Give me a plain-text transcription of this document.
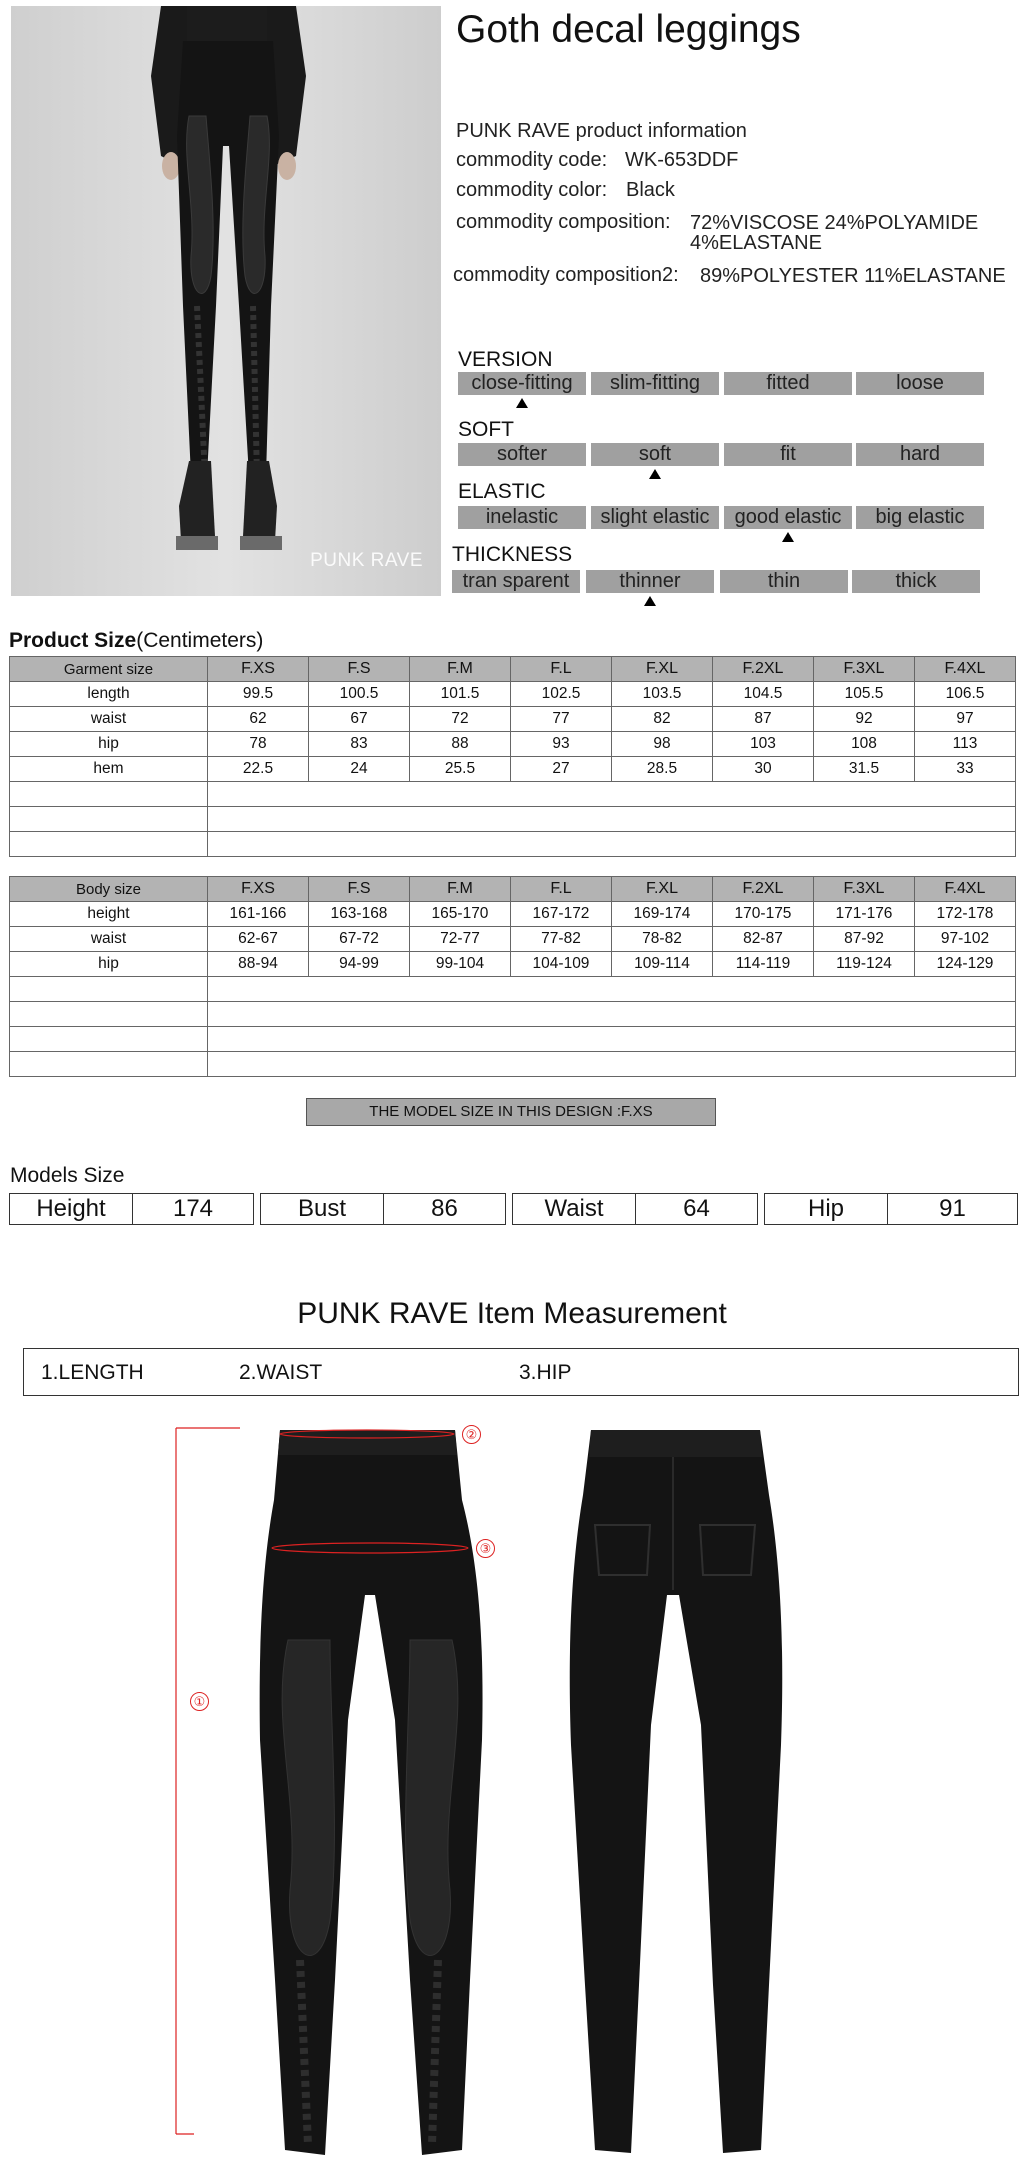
PUNK RAVE
Goth decal leggings
PUNK RAVE product information
commodity code: WK-653DDF
commodity color: Black
commodity composition: 72%VISCOSE 24%POLYAMIDE
4%ELASTANE
commodity composition2: 89%POLYESTER 11%ELASTANE
VERSION
close-fitting	slim-fitting	fitted	loose
SOFT
softer	soft	fit	hard
ELASTIC
inelastic	slight elastic	good elastic	big elastic
THICKNESS
tran sparent	thinner	thin	thick
Product Size(Centimeters)
Garment size	F.XS	F.S	F.M	F.L	F.XL	F.2XL	F.3XL	F.4XL
length	99.5	100.5	101.5	102.5	103.5	104.5	105.5	106.5
waist	62	67	72	77	82	87	92	97
hip	78	83	88	93	98	103	108	113
hem	22.5	24	25.5	27	28.5	30	31.5	33

Body size	F.XS	F.S	F.M	F.L	F.XL	F.2XL	F.3XL	F.4XL
height	161-166	163-168	165-170	167-172	169-174	170-175	171-176	172-178
waist	62-67	67-72	72-77	77-82	78-82	82-87	87-92	97-102
hip	88-94	94-99	99-104	104-109	109-114	114-119	119-124	124-129

THE MODEL SIZE IN THIS DESIGN :F.XS
Models Size
Height	174	Bust	86	Waist	64	Hip	91
PUNK RAVE Item Measurement
1.LENGTH	2.WAIST	3.HIP
①
②
③
